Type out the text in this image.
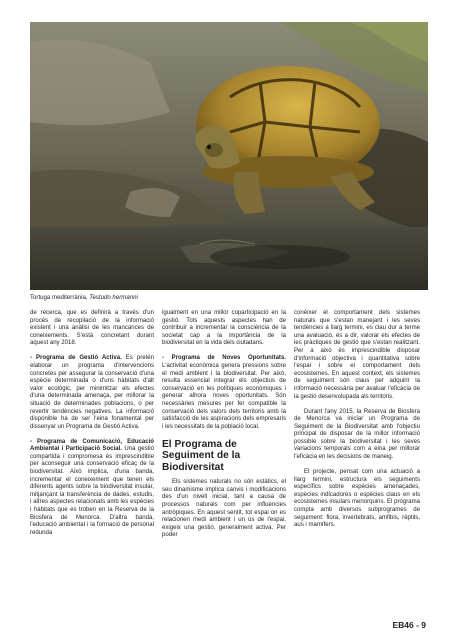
Tortuga mediterrània, Testudo hermanni

de recerca, que es definirà a través d'un procés de recopilació de la informació existent i una anàlisi de les mancances de coneixements. S'està concretant durant aquest any 2018.

- Programa de Gestió Activa. Es pretén elaborar un programa d'intervencions concretes per assegurar la conservació d'una espècie determinada o d'uns hàbitats d'alt valor ecològic, per minimitzar els efectes d'una determinada amenaça, per millorar la situació de determinades poblacions, o per revertir tendències negatives. La informació disponible ha de ser l'eina fonamental per dissenyar un Programa de Gestió Activa.

- Programa de Comunicació, Educació Ambiental i Participació Social. Una gestió compartida i compromesa és imprescindible per aconseguir una conservació eficaç de la biodiversitat. Això implica, d'una banda, incrementar el coneixement que tenen els diferents agents sobre la biodiversitat insular, mitjançant la transferència de dades, estudis, i altres aspectes relacionats amb les espècies i hàbitats que es troben en la Reserva de la Biosfera de Menorca. D'altra banda, l'educació ambiental i la formació de personal redunda

igualment en una millor coparticipació en la gestió. Tots aquests aspectes han de contribuir a incrementar la consciència de la societat cap a la importància de la biodiversitat en la vida dels ciutadans.

- Programa de Noves Oportunitats. L'activitat econòmica genera pressions sobre el medi ambient i la biodiversitat. Per això, resulta essencial integrar els objectius de conservació en les polítiques econòmiques i generar alhora noves oportunitats. Són necessàries mesures per fer compatible la conservació dels valors dels territoris amb la satisfacció de les aspiracions dels empresaris i les necessitats de la població local.

El Programa de Seguiment de la Biodiversitat

Els sistemes naturals no són estàtics, el seu dinamisme implica canvis i modificacions des d'un nivell inicial, tant a causa de processos naturals com per influències antròpiques. En aquest sentit, tot espai on es relacionen medi ambient i un ús de l'espai, exigeix una gestió, generalment activa. Per poder

conèixer el comportament dels sistemes naturals que s'estan manejant i les seves tendències a llarg termini, es clau dur a terme una avaluació, és a dir, valorar els efectes de les pràctiques de gestió que s'estan realitzant. Per a això és imprescindible disposar d'informació objectiva i quantitativa sobre l'espai i sobre el comportament dels ecosistemes. En aquest context, els sistemes de seguiment són claus per adquirir la informació necessària per avaluar l'eficàcia de la gestió desenvolupada als territoris.

Durant l'any 2015, la Reserva de Biosfera de Menorca va iniciar un Programa de Seguiment de la Biodiversitat amb l'objectiu principal de disposar de la millor informació possible sobre la biodiversitat i les seves variacions temporals com a eina per millorar l'eficàcia en les decisions de maneig.

El projecte, pensat com una actuació a llarg termini, estructura els seguiments específics sobre espècies amenaçades, espècies indicadores o espècies claus en els ecosistemes insulars menorquins. El programa compta amb diversos subprogrames de seguiment: flora, invertebrats, amfibis, rèptils, aus i mamífers.

EB46 - 9
